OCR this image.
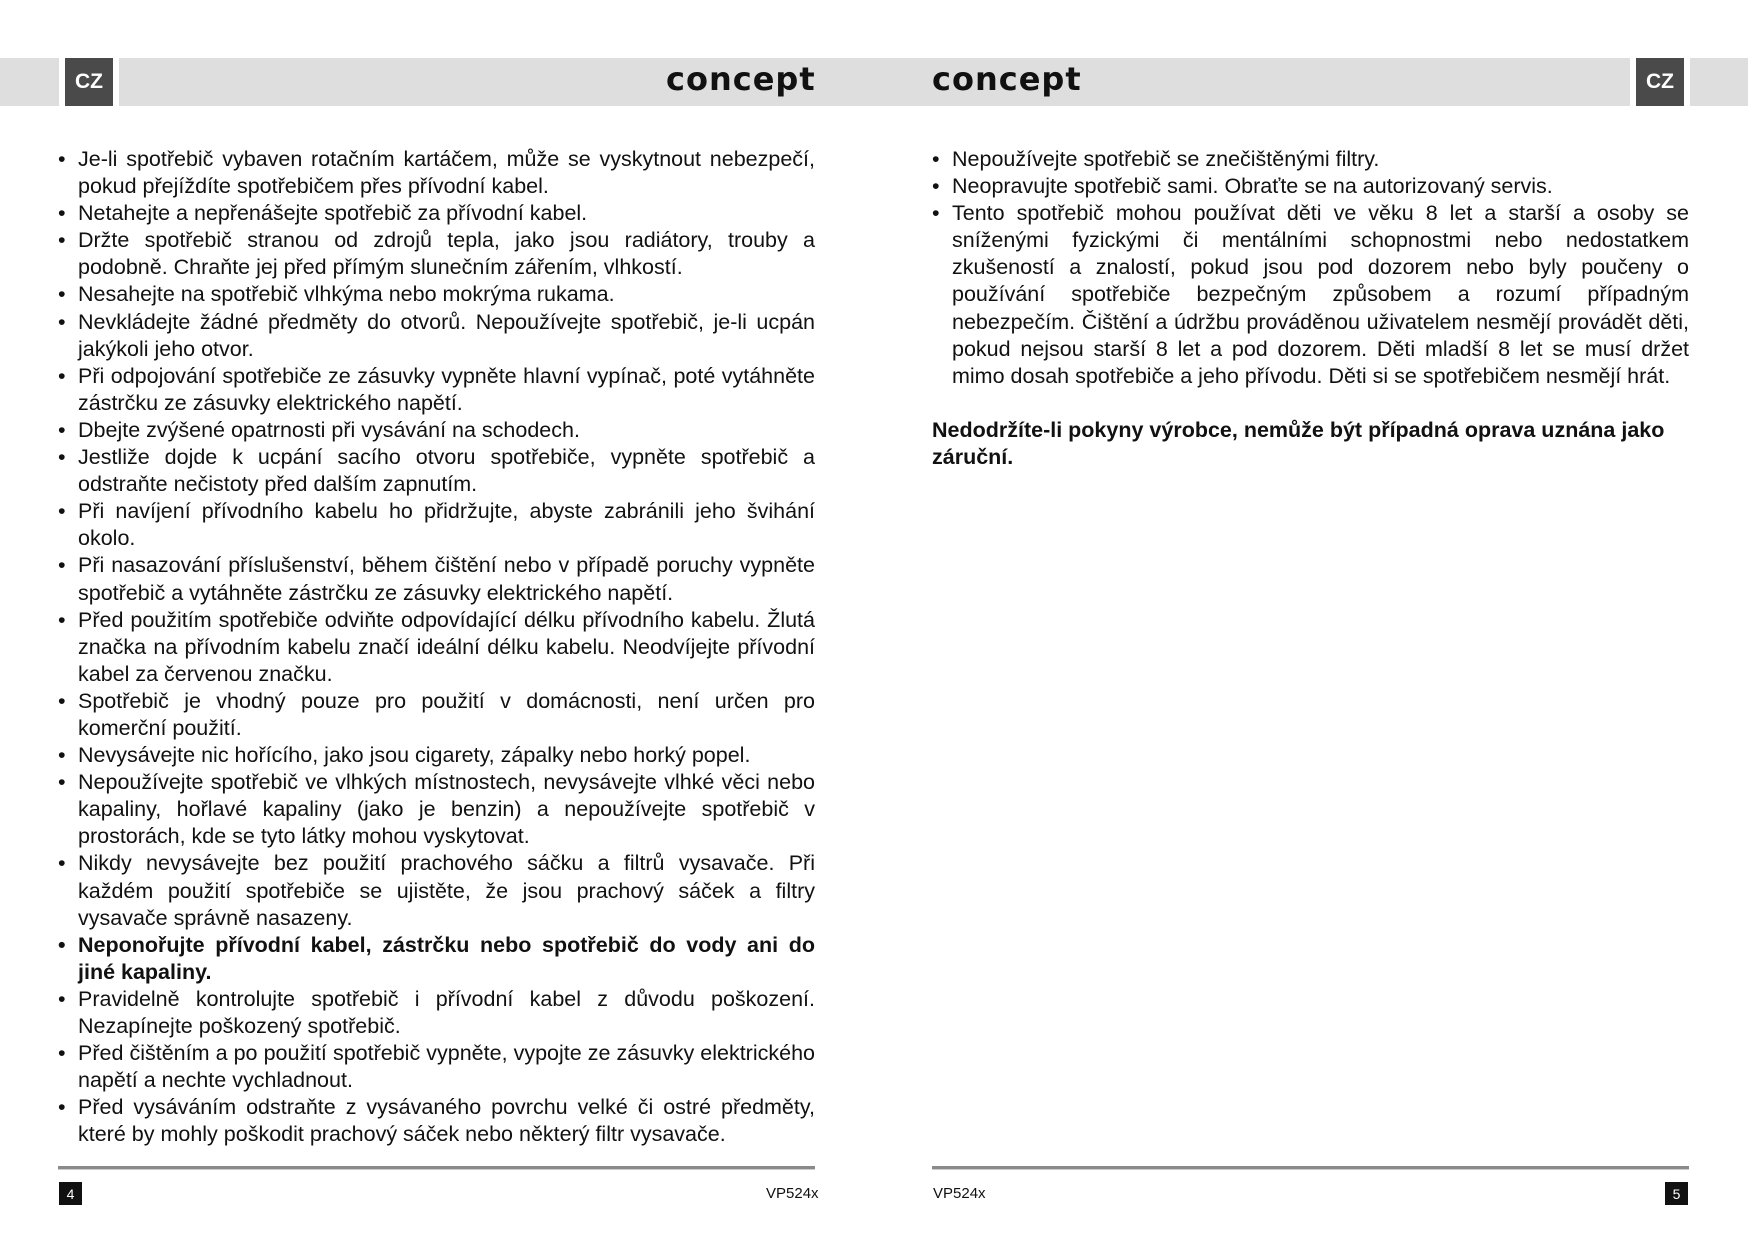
CZ	CZ
concept	concept
• Je-li spotřebič vybaven rotačním kartáčem, může se vyskytnout nebezpečí, pokud přejíždíte spotřebičem přes přívodní kabel.
• Netahejte a nepřenášejte spotřebič za přívodní kabel.
• Držte spotřebič stranou od zdrojů tepla, jako jsou radiátory, trouby a podobně. Chraňte jej před přímým slunečním zářením, vlhkostí.
• Nesahejte na spotřebič vlhkýma nebo mokrýma rukama.
• Nevkládejte žádné předměty do otvorů. Nepoužívejte spotřebič, je-li ucpán jakýkoli jeho otvor.
• Při odpojování spotřebiče ze zásuvky vypněte hlavní vypínač, poté vytáhněte zástrčku ze zásuvky elektrického napětí.
• Dbejte zvýšené opatrnosti při vysávání na schodech.
• Jestliže dojde k ucpání sacího otvoru spotřebiče, vypněte spotřebič a odstraňte nečistoty před dalším zapnutím.
• Při navíjení přívodního kabelu ho přidržujte, abyste zabránili jeho švihání okolo.
• Při nasazování příslušenství, během čištění nebo v případě poruchy vypněte spotřebič a vytáhněte zástrčku ze zásuvky elektrického napětí.
• Před použitím spotřebiče odviňte odpovídající délku přívodního kabelu. Žlutá značka na přívodním kabelu značí ideální délku kabelu. Neodvíjejte přívodní kabel za červenou značku.
• Spotřebič je vhodný pouze pro použití v domácnosti, není určen pro komerční použití.
• Nevysávejte nic hořícího, jako jsou cigarety, zápalky nebo horký popel.
• Nepoužívejte spotřebič ve vlhkých místnostech, nevysávejte vlhké věci nebo kapaliny, hořlavé kapaliny (jako je benzin) a nepoužívejte spotřebič v prostorách, kde se tyto látky mohou vyskytovat.
• Nikdy nevysávejte bez použití prachového sáčku a filtrů vysavače. Při každém použití spotřebiče se ujistěte, že jsou prachový sáček a filtry vysavače správně nasazeny.
• Neponořujte přívodní kabel, zástrčku nebo spotřebič do vody ani do jiné kapaliny.
• Pravidelně kontrolujte spotřebič i přívodní kabel z důvodu poškození. Nezapínejte poškozený spotřebič.
• Před čištěním a po použití spotřebič vypněte, vypojte ze zásuvky elektrického napětí a nechte vychladnout.
• Před vysáváním odstraňte z vysávaného povrchu velké či ostré předměty, které by mohly poškodit prachový sáček nebo některý filtr vysavače.
• Nepoužívejte spotřebič se znečištěnými filtry.
• Neopravujte spotřebič sami. Obraťte se na autorizovaný servis.
• Tento spotřebič mohou používat děti ve věku 8 let a starší a osoby se sníženými fyzickými či mentálními schopnostmi nebo nedostatkem zkušeností a znalostí, pokud jsou pod dozorem nebo byly poučeny o používání spotřebiče bezpečným způsobem a rozumí případným nebezpečím. Čištění a údržbu prováděnou uživatelem nesmějí provádět děti, pokud nejsou starší 8 let a pod dozorem. Děti mladší 8 let se musí držet mimo dosah spotřebiče a jeho přívodu. Děti si se spotřebičem nesmějí hrát.
Nedodržíte-li pokyny výrobce, nemůže být případná oprava uznána jako záruční.
4	VP524x	VP524x	5
